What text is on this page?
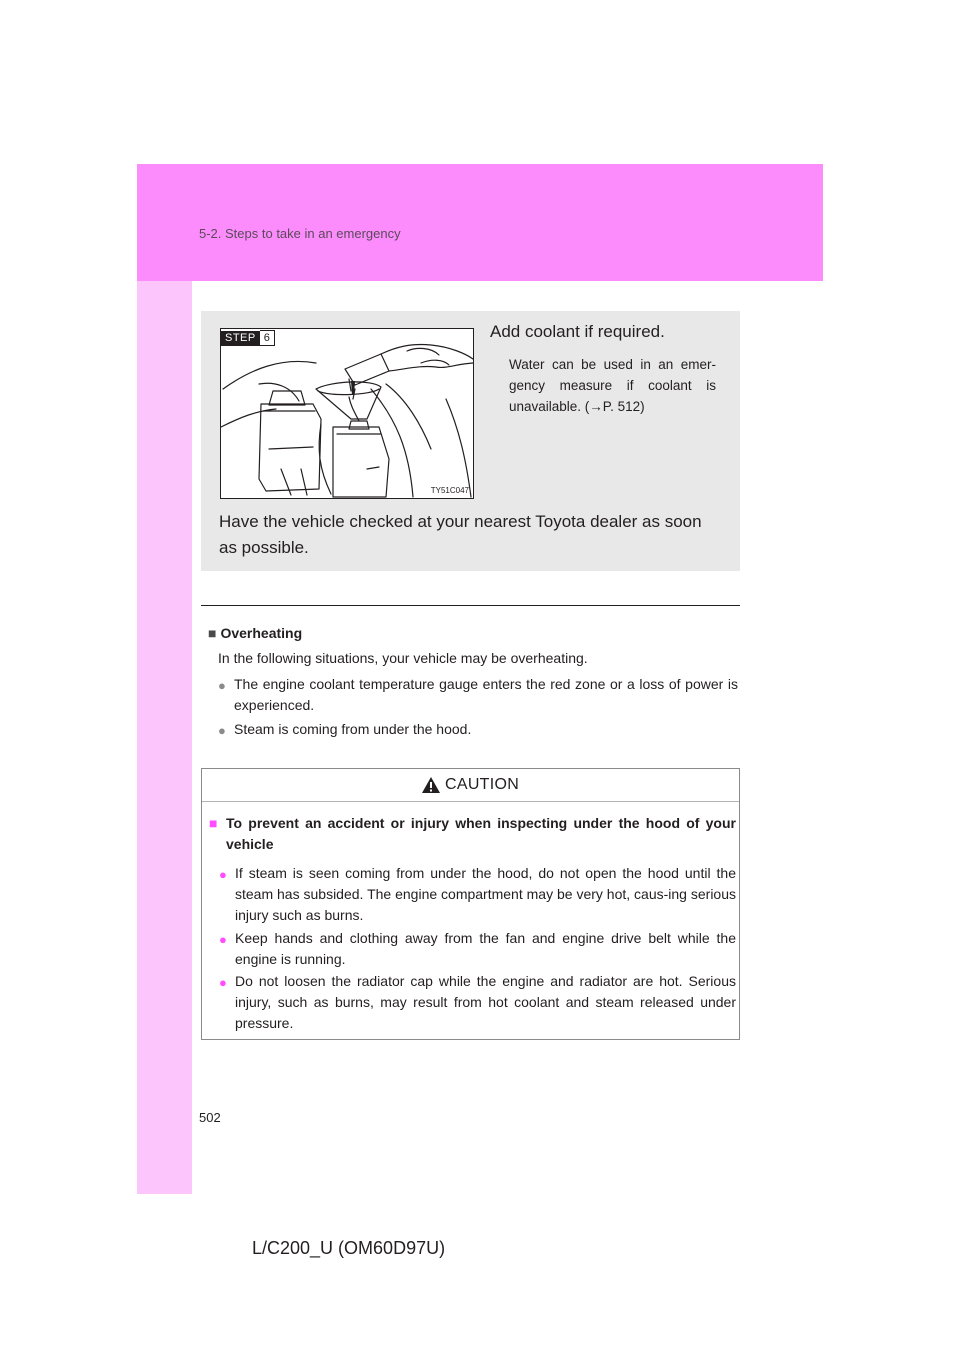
5-2. Steps to take in an emergency
STEP 6
TY51C047
Add coolant if required.
Water can be used in an emer-gency measure if coolant is unavailable. (→P. 512)
Have the vehicle checked at your nearest Toyota dealer as soon as possible.
■ Overheating
In the following situations, your vehicle may be overheating.
● The engine coolant temperature gauge enters the red zone or a loss of power is experienced.
● Steam is coming from under the hood.
CAUTION
■ To prevent an accident or injury when inspecting under the hood of your vehicle
● If steam is seen coming from under the hood, do not open the hood until the steam has subsided. The engine compartment may be very hot, caus-ing serious injury such as burns.
● Keep hands and clothing away from the fan and engine drive belt while the engine is running.
● Do not loosen the radiator cap while the engine and radiator are hot. Serious injury, such as burns, may result from hot coolant and steam released under pressure.
502
L/C200_U (OM60D97U)
